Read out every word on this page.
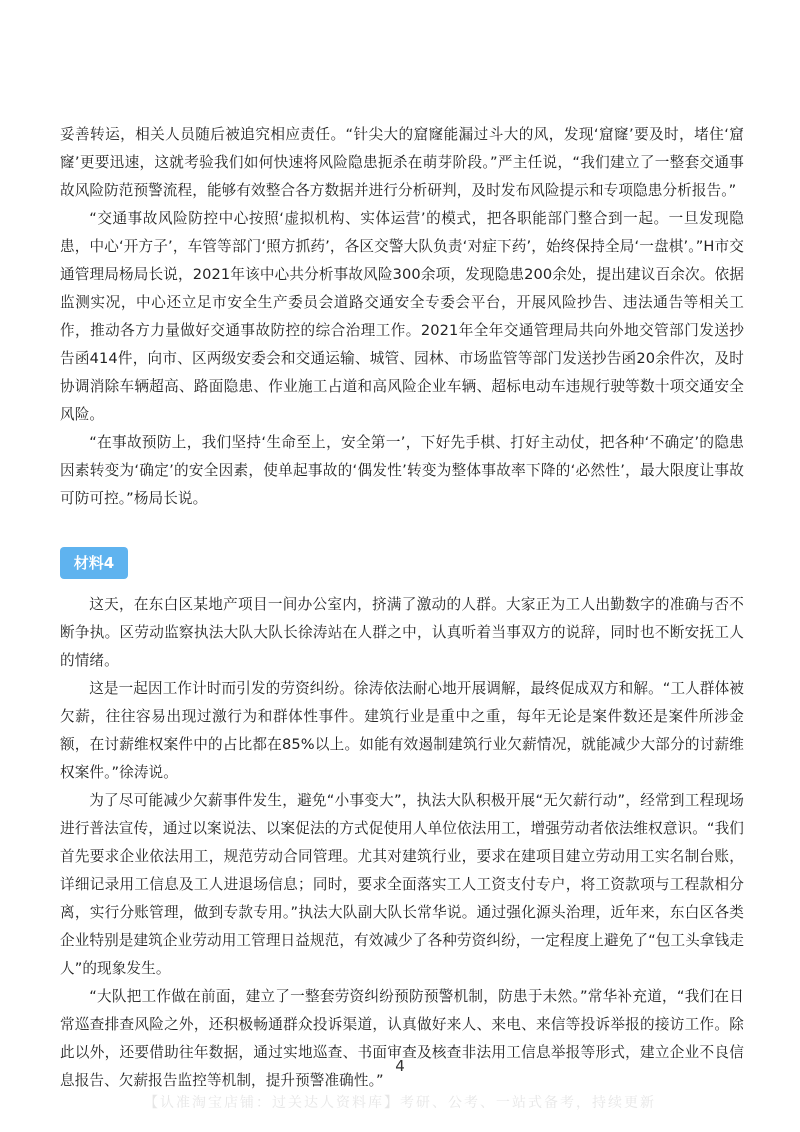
妥善转运，相关人员随后被追究相应责任。“针尖大的窟窿能漏过斗大的风，发现‘窟窿’要及时，堵住‘窟窿’更要迅速，这就考验我们如何快速将风险隐患扼杀在萌芽阶段。”严主任说，“我们建立了一整套交通事故风险防范预警流程，能够有效整合各方数据并进行分析研判，及时发布风险提示和专项隐患分析报告。”

“交通事故风险防控中心按照‘虚拟机构、实体运营’的模式，把各职能部门整合到一起。一旦发现隐患，中心‘开方子’，车管等部门‘照方抓药’，各区交警大队负责‘对症下药’，始终保持全局‘一盘棋’。”H市交通管理局杨局长说，2021年该中心共分析事故风险300余项，发现隐患200余处，提出建议百余次。依据监测实况，中心还立足市安全生产委员会道路交通安全专委会平台，开展风险抄告、违法通告等相关工作，推动各方力量做好交通事故防控的综合治理工作。2021年全年交通管理局共向外地交管部门发送抄告函414件，向市、区两级安委会和交通运输、城管、园林、市场监管等部门发送抄告函20余件次，及时协调消除车辆超高、路面隐患、作业施工占道和高风险企业车辆、超标电动车违规行驶等数十项交通安全风险。

“在事故预防上，我们坚持‘生命至上，安全第一’，下好先手棋、打好主动仗，把各种‘不确定’的隐患因素转变为‘确定’的安全因素，使单起事故的‘偶发性’转变为整体事故率下降的‘必然性’，最大限度让事故可防可控。”杨局长说。

材料4

这天，在东白区某地产项目一间办公室内，挤满了激动的人群。大家正为工人出勤数字的准确与否不断争执。区劳动监察执法大队大队长徐涛站在人群之中，认真听着当事双方的说辞，同时也不断安抚工人的情绪。

这是一起因工作计时而引发的劳资纠纷。徐涛依法耐心地开展调解，最终促成双方和解。“工人群体被欠薪，往往容易出现过激行为和群体性事件。建筑行业是重中之重，每年无论是案件数还是案件所涉金额，在讨薪维权案件中的占比都在85%以上。如能有效遏制建筑行业欠薪情况，就能减少大部分的讨薪维权案件。”徐涛说。

为了尽可能减少欠薪事件发生，避免“小事变大”，执法大队积极开展“无欠薪行动”，经常到工程现场进行普法宣传，通过以案说法、以案促法的方式促使用人单位依法用工，增强劳动者依法维权意识。“我们首先要求企业依法用工，规范劳动合同管理。尤其对建筑行业，要求在建项目建立劳动用工实名制台账，详细记录用工信息及工人进退场信息；同时，要求全面落实工人工资支付专户，将工资款项与工程款相分离，实行分账管理，做到专款专用。”执法大队副大队长常华说。通过强化源头治理，近年来，东白区各类企业特别是建筑企业劳动用工管理日益规范，有效减少了各种劳资纠纷，一定程度上避免了“包工头拿钱走人”的现象发生。

“大队把工作做在前面，建立了一整套劳资纠纷预防预警机制，防患于未然。”常华补充道，“我们在日常巡查排查风险之外，还积极畅通群众投诉渠道，认真做好来人、来电、来信等投诉举报的接访工作。除此以外，还要借助往年数据，通过实地巡查、书面审查及核查非法用工信息举报等形式，建立企业不良信息报告、欠薪报告监控等机制，提升预警准确性。”

4
【认准淘宝店铺：过关达人资料库】考研、公考、一站式备考，持续更新
